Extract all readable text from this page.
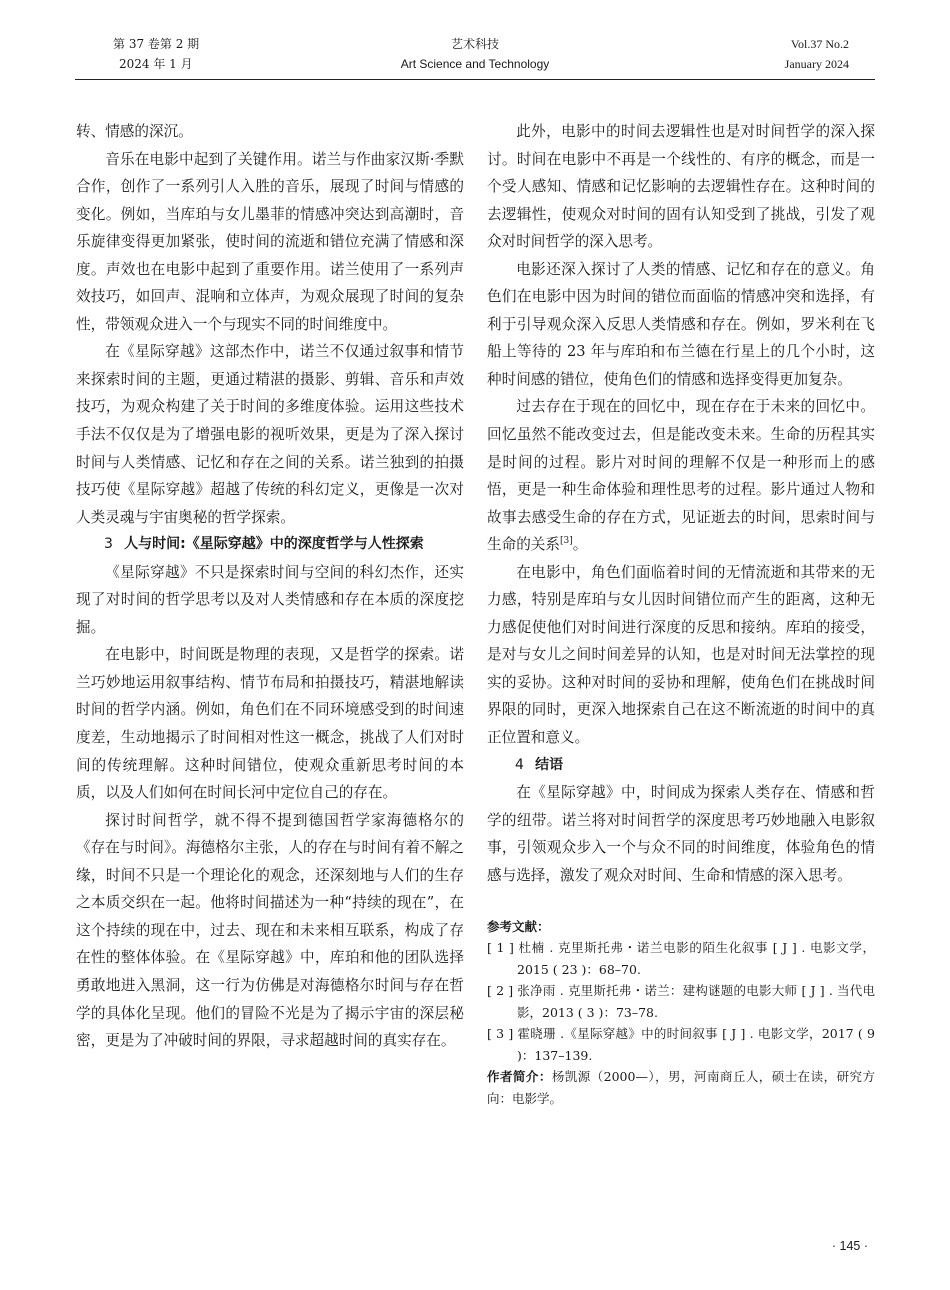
第 37 卷第 2 期
2024 年 1 月
艺术科技
Art Science and Technology
Vol.37 No.2
January 2024

转、情感的深沉。

音乐在电影中起到了关键作用。诺兰与作曲家汉斯·季默合作，创作了一系列引人入胜的音乐，展现了时间与情感的变化。例如，当库珀与女儿墨菲的情感冲突达到高潮时，音乐旋律变得更加紧张，使时间的流逝和错位充满了情感和深度。声效也在电影中起到了重要作用。诺兰使用了一系列声效技巧，如回声、混响和立体声，为观众展现了时间的复杂性，带领观众进入一个与现实不同的时间维度中。

在《星际穿越》这部杰作中，诺兰不仅通过叙事和情节来探索时间的主题，更通过精湛的摄影、剪辑、音乐和声效技巧，为观众构建了关于时间的多维度体验。运用这些技术手法不仅仅是为了增强电影的视听效果，更是为了深入探讨时间与人类情感、记忆和存在之间的关系。诺兰独到的拍摄技巧使《星际穿越》超越了传统的科幻定义，更像是一次对人类灵魂与宇宙奥秘的哲学探索。

3 人与时间:《星际穿越》中的深度哲学与人性探索

《星际穿越》不只是探索时间与空间的科幻杰作，还实现了对时间的哲学思考以及对人类情感和存在本质的深度挖掘。

在电影中，时间既是物理的表现，又是哲学的探索。诺兰巧妙地运用叙事结构、情节布局和拍摄技巧，精湛地解读时间的哲学内涵。例如，角色们在不同环境感受到的时间速度差，生动地揭示了时间相对性这一概念，挑战了人们对时间的传统理解。这种时间错位，使观众重新思考时间的本质，以及人们如何在时间长河中定位自己的存在。

探讨时间哲学，就不得不提到德国哲学家海德格尔的《存在与时间》。海德格尔主张，人的存在与时间有着不解之缘，时间不只是一个理论化的观念，还深刻地与人们的生存之本质交织在一起。他将时间描述为一种“持续的现在”，在这个持续的现在中，过去、现在和未来相互联系，构成了存在性的整体体验。在《星际穿越》中，库珀和他的团队选择勇敢地进入黑洞，这一行为仿佛是对海德格尔时间与存在哲学的具体化呈现。他们的冒险不光是为了揭示宇宙的深层秘密，更是为了冲破时间的界限，寻求超越时间的真实存在。

此外，电影中的时间去逻辑性也是对时间哲学的深入探讨。时间在电影中不再是一个线性的、有序的概念，而是一个受人感知、情感和记忆影响的去逻辑性存在。这种时间的去逻辑性，使观众对时间的固有认知受到了挑战，引发了观众对时间哲学的深入思考。

电影还深入探讨了人类的情感、记忆和存在的意义。角色们在电影中因为时间的错位而面临的情感冲突和选择，有利于引导观众深入反思人类情感和存在。例如，罗米利在飞船上等待的 23 年与库珀和布兰德在行星上的几个小时，这种时间感的错位，使角色们的情感和选择变得更加复杂。

过去存在于现在的回忆中，现在存在于未来的回忆中。回忆虽然不能改变过去，但是能改变未来。生命的历程其实是时间的过程。影片对时间的理解不仅是一种形而上的感悟，更是一种生命体验和理性思考的过程。影片通过人物和故事去感受生命的存在方式，见证逝去的时间，思索时间与生命的关系[3]。

在电影中，角色们面临着时间的无情流逝和其带来的无力感，特别是库珀与女儿因时间错位而产生的距离，这种无力感促使他们对时间进行深度的反思和接纳。库珀的接受，是对与女儿之间时间差异的认知，也是对时间无法掌控的现实的妥协。这种对时间的妥协和理解，使角色们在挑战时间界限的同时，更深入地探索自己在这不断流逝的时间中的真正位置和意义。

4 结语

在《星际穿越》中，时间成为探索人类存在、情感和哲学的纽带。诺兰将对时间哲学的深度思考巧妙地融入电影叙事，引领观众步入一个与众不同的时间维度，体验角色的情感与选择，激发了观众对时间、生命和情感的深入思考。

参考文献：

[ 1 ] 杜楠 . 克里斯托弗・诺兰电影的陌生化叙事 [ J ] . 电影文学，2015 ( 23 )：68–70.

[ 2 ] 张净雨 . 克里斯托弗・诺兰：建构谜题的电影大师 [ J ] . 当代电影，2013 ( 3 )：73–78.

[ 3 ] 霍晓珊 .《星际穿越》中的时间叙事 [ J ] . 电影文学，2017 ( 9 )：137–139.

作者简介：杨凯源（2000—），男，河南商丘人，硕士在读，研究方向：电影学。

· 145 ·
